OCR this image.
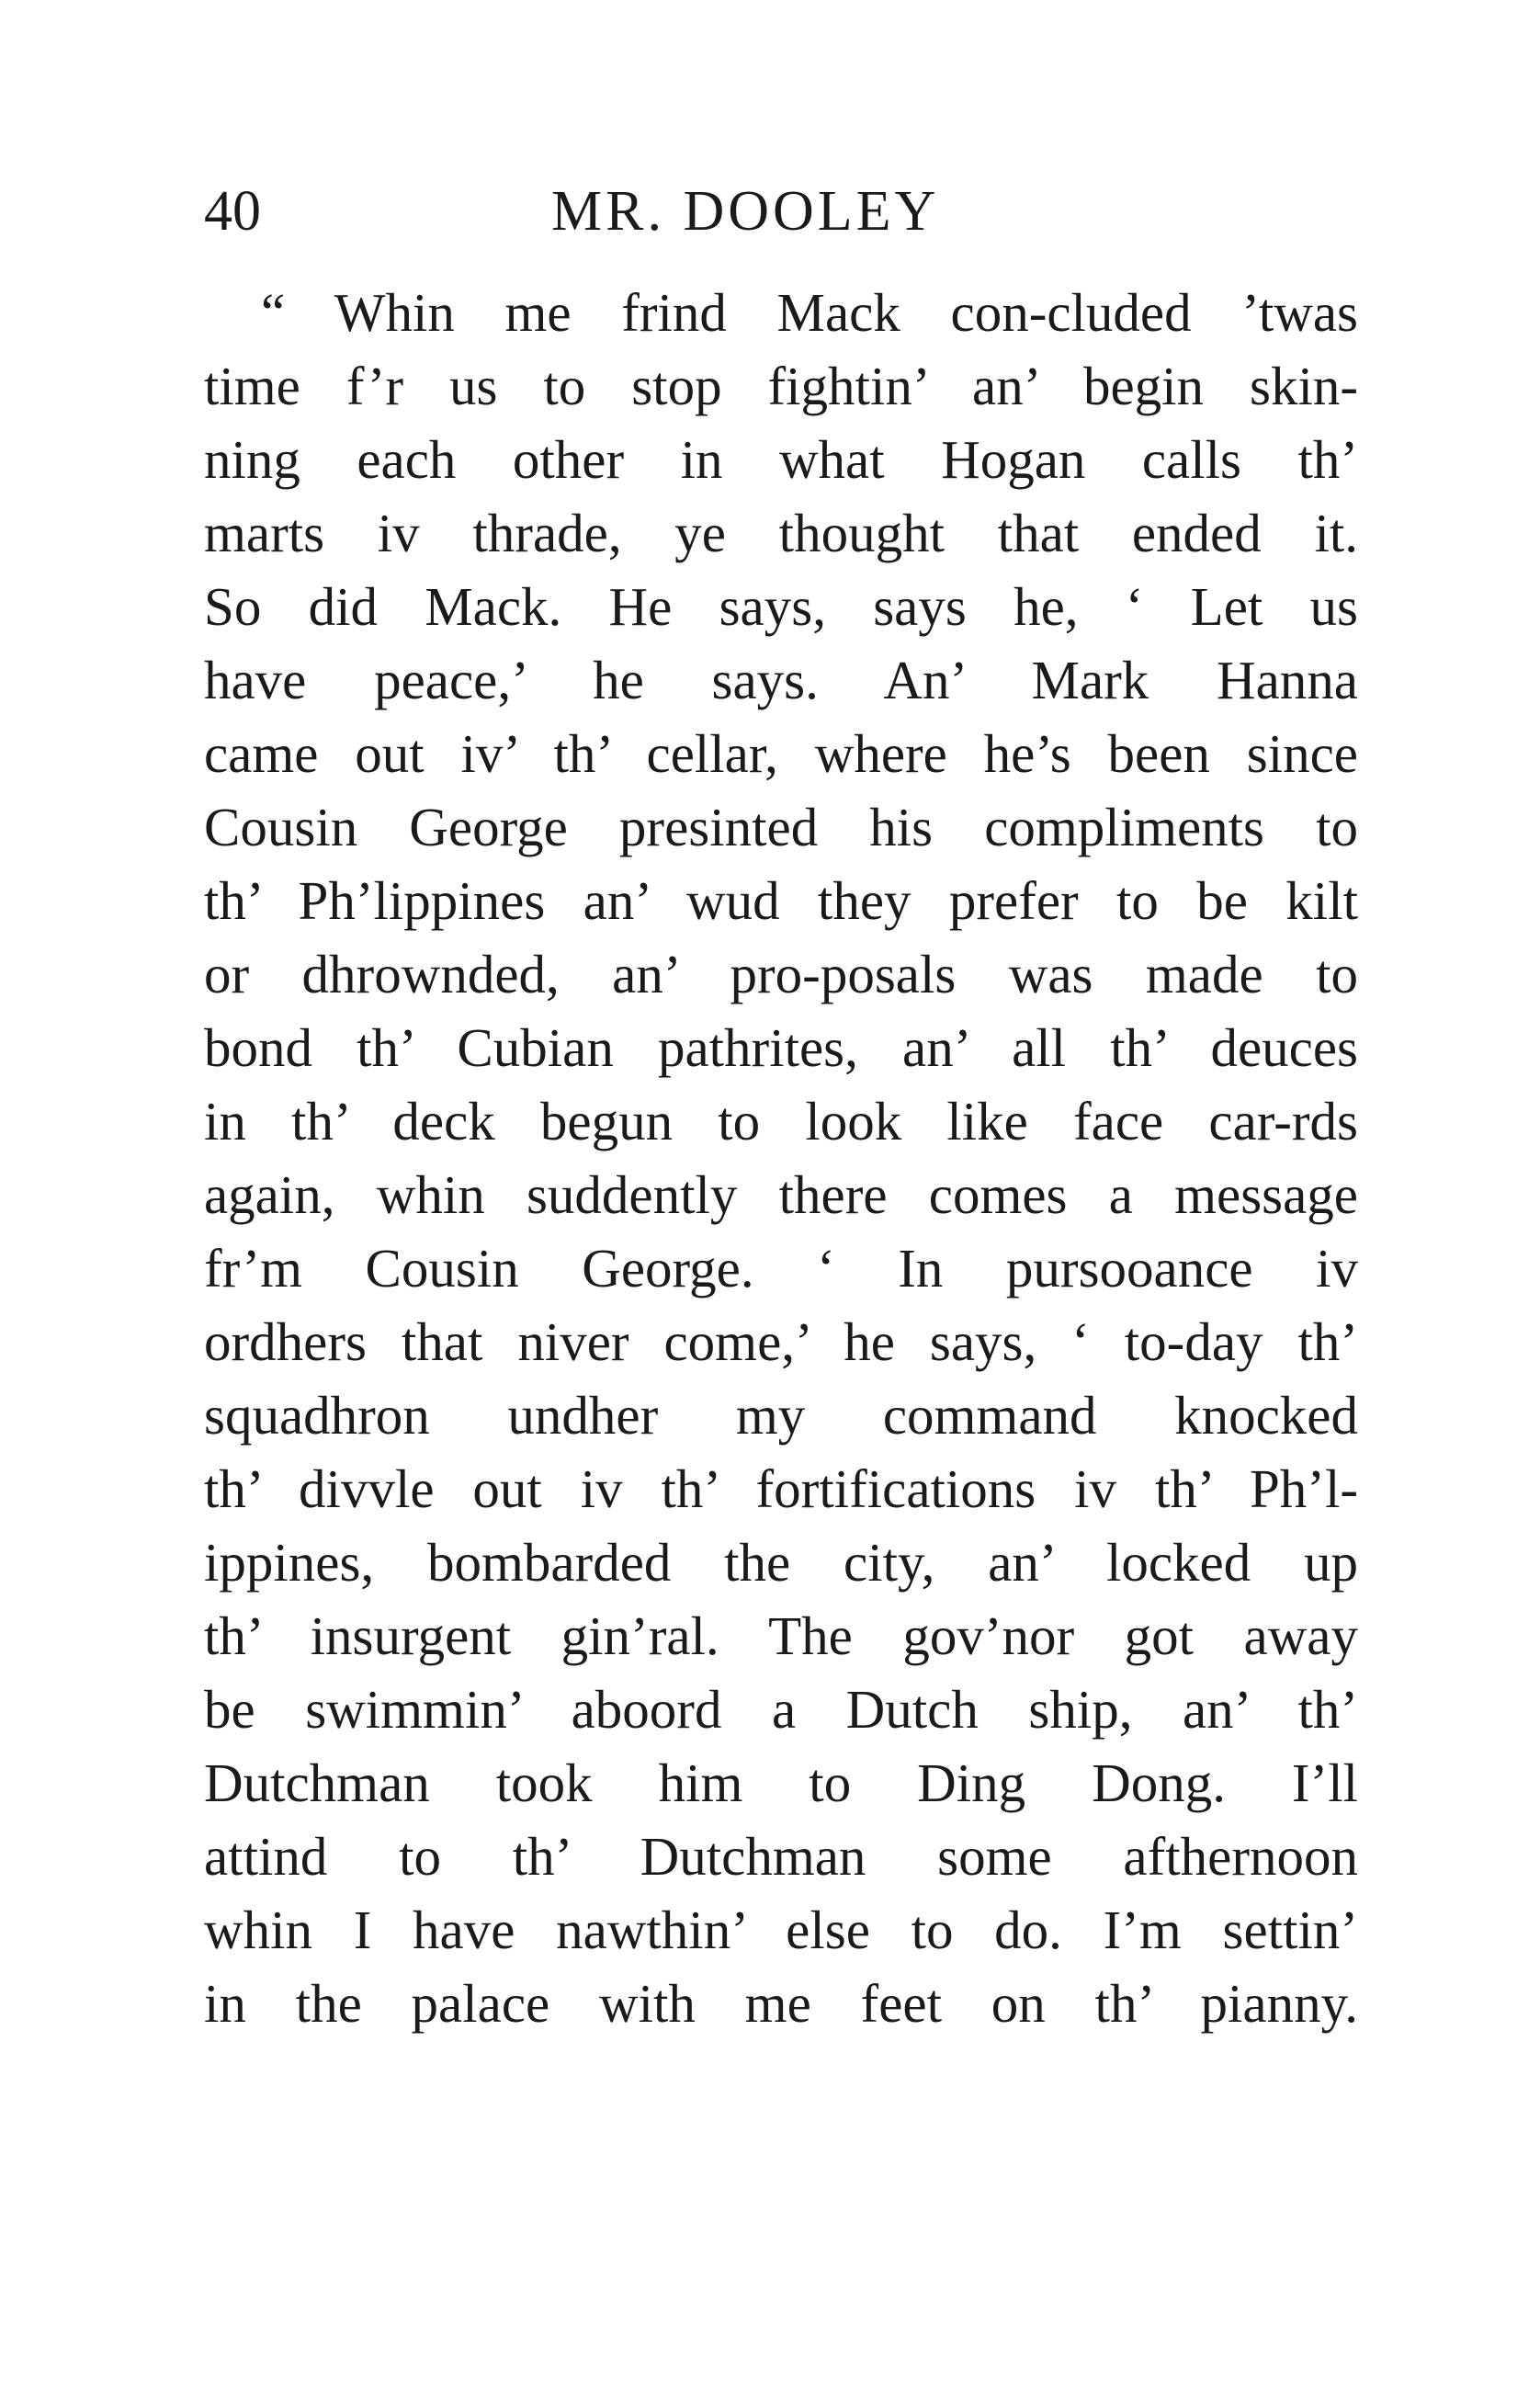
40	MR. DOOLEY
“ Whin me frind Mack con-cluded ’twas
time f’r us to stop fightin’ an’ begin skin-
ning each other in what Hogan calls th’
marts iv thrade, ye thought that ended it.
So did Mack. He says, says he, ‘ Let us
have peace,’ he says. An’ Mark Hanna
came out iv’ th’ cellar, where he’s been since
Cousin George presinted his compliments to
th’ Ph’lippines an’ wud they prefer to be kilt
or dhrownded, an’ pro-posals was made to
bond th’ Cubian pathrites, an’ all th’ deuces
in th’ deck begun to look like face car-rds
again, whin suddently there comes a message
fr’m Cousin George. ‘ In pursooance iv
ordhers that niver come,’ he says, ‘ to-day th’
squadhron undher my command knocked
th’ divvle out iv th’ fortifications iv th’ Ph’l-
ippines, bombarded the city, an’ locked up
th’ insurgent gin’ral. The gov’nor got away
be swimmin’ aboord a Dutch ship, an’ th’
Dutchman took him to Ding Dong. I’ll
attind to th’ Dutchman some afthernoon
whin I have nawthin’ else to do. I’m settin’
in the palace with me feet on th’ pianny.
